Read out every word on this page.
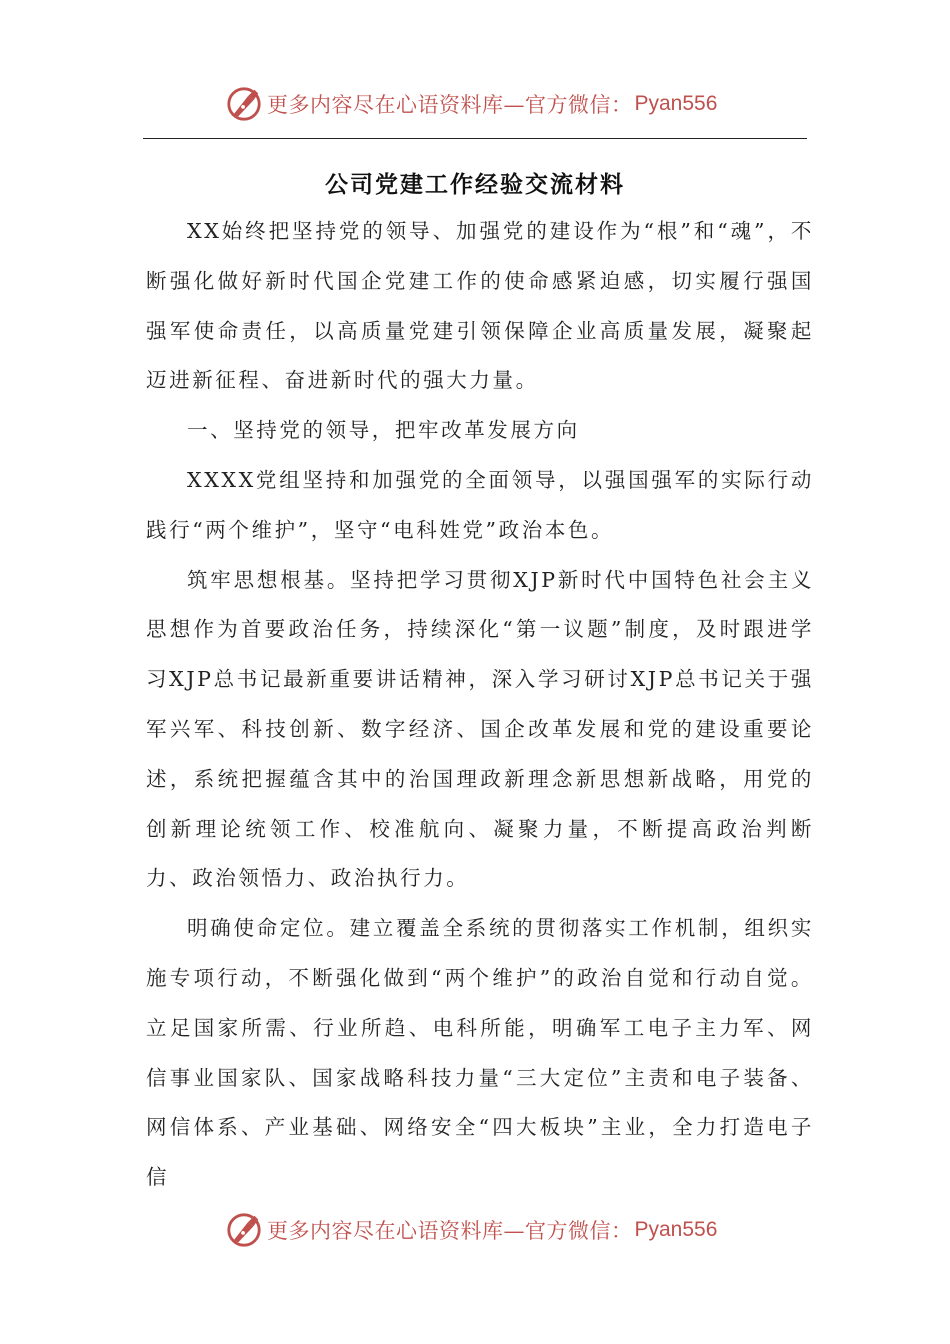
更多内容尽在心语资料库—官方微信： Pyan556
公司党建工作经验交流材料

XX始终把坚持党的领导、加强党的建设作为“根”和“魂”，不断强化做好新时代国企党建工作的使命感紧迫感，切实履行强国强军使命责任，以高质量党建引领保障企业高质量发展，凝聚起迈进新征程、奋进新时代的强大力量。

一、坚持党的领导，把牢改革发展方向

XXXX党组坚持和加强党的全面领导，以强国强军的实际行动践行“两个维护”，坚守“电科姓党”政治本色。

筑牢思想根基。坚持把学习贯彻XJP新时代中国特色社会主义思想作为首要政治任务，持续深化“第一议题”制度，及时跟进学习XJP总书记最新重要讲话精神，深入学习研讨XJP总书记关于强军兴军、科技创新、数字经济、国企改革发展和党的建设重要论述，系统把握蕴含其中的治国理政新理念新思想新战略，用党的创新理论统领工作、校准航向、凝聚力量，不断提高政治判断力、政治领悟力、政治执行力。

明确使命定位。建立覆盖全系统的贯彻落实工作机制，组织实施专项行动，不断强化做到“两个维护”的政治自觉和行动自觉。立足国家所需、行业所趋、电科所能，明确军工电子主力军、网信事业国家队、国家战略科技力量“三大定位”主责和电子装备、网信体系、产业基础、网络安全“四大板块”主业，全力打造电子信

更多内容尽在心语资料库—官方微信： Pyan556
